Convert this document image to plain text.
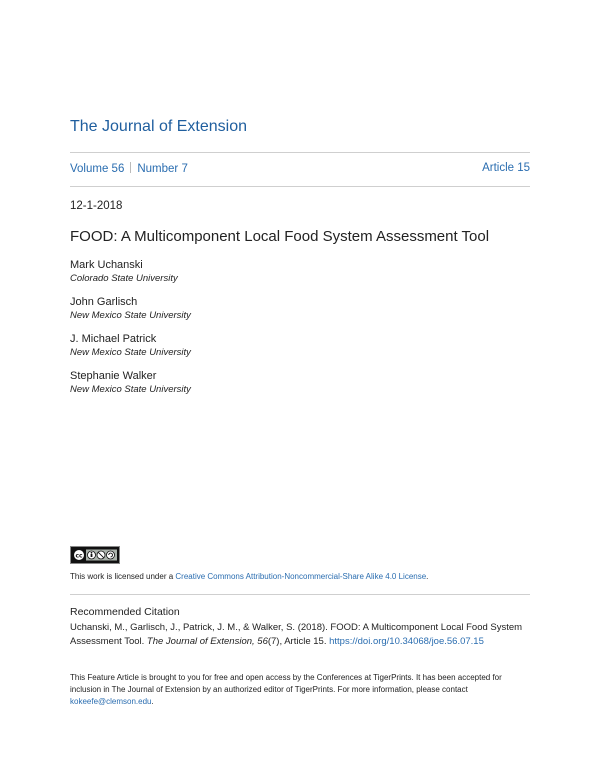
The Journal of Extension
Volume 56 Number 7	Article 15
12-1-2018
FOOD: A Multicomponent Local Food System Assessment Tool
Mark Uchanski
Colorado State University
John Garlisch
New Mexico State University
J. Michael Patrick
New Mexico State University
Stephanie Walker
New Mexico State University
cc
This work is licensed under a Creative Commons Attribution-Noncommercial-Share Alike 4.0 License.
Recommended Citation
Uchanski, M., Garlisch, J., Patrick, J. M., & Walker, S. (2018). FOOD: A Multicomponent Local Food System Assessment Tool. The Journal of Extension, 56(7), Article 15. https://doi.org/10.34068/joe.56.07.15
This Feature Article is brought to you for free and open access by the Conferences at TigerPrints. It has been accepted for inclusion in The Journal of Extension by an authorized editor of TigerPrints. For more information, please contact kokeefe@clemson.edu.
